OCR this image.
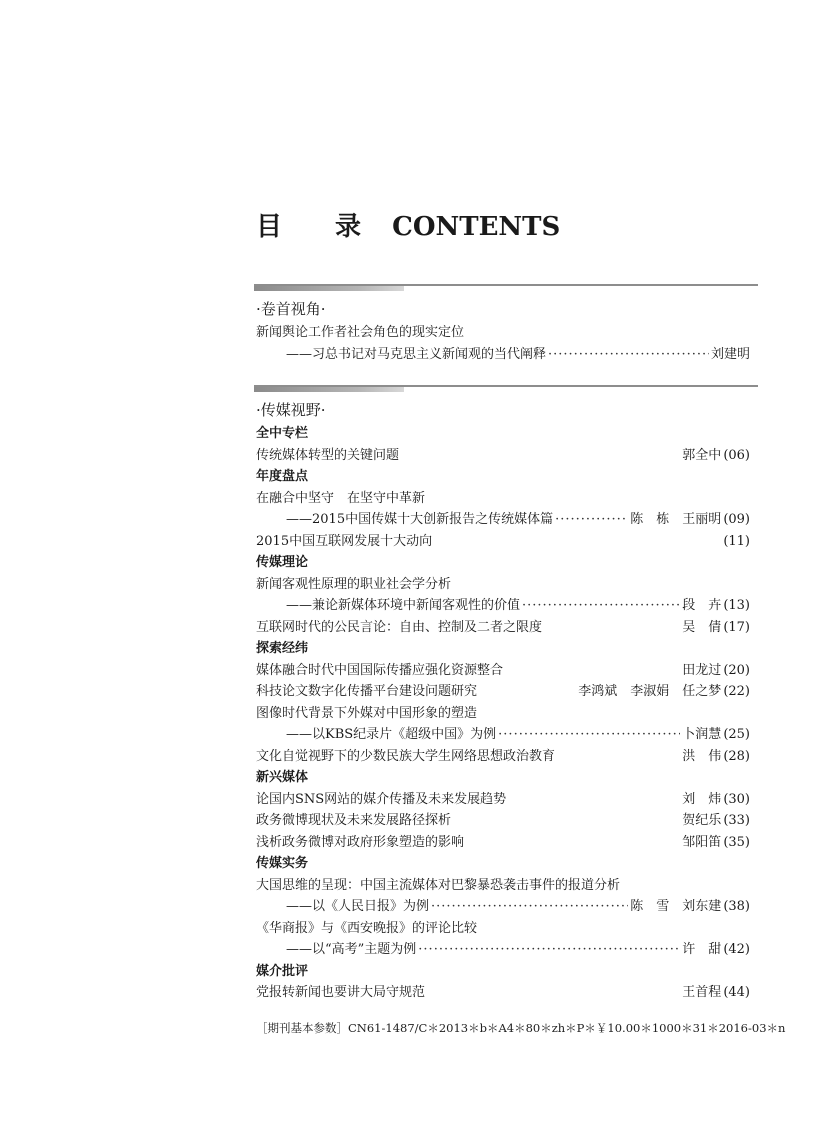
目 录 CONTENTS
·卷首视角·
新闻舆论工作者社会角色的现实定位
——习总书记对马克思主义新闻观的当代阐释 ·····	刘建明
·传媒视野·
全中专栏
传统媒体转型的关键问题	郭全中 (06)
年度盘点
在融合中坚守　在坚守中革新
——2015中国传媒十大创新报告之传统媒体篇 ·····	陈　栋　王丽明 (09)
2015中国互联网发展十大动向	(11)
传媒理论
新闻客观性原理的职业社会学分析
——兼论新媒体环境中新闻客观性的价值 ·····	段　卉 (13)
互联网时代的公民言论：自由、控制及二者之限度	吴　倩 (17)
探索经纬
媒体融合时代中国国际传播应强化资源整合	田龙过 (20)
科技论文数字化传播平台建设问题研究	李鸿斌　李淑娟　任之梦 (22)
图像时代背景下外媒对中国形象的塑造
——以KBS纪录片《超级中国》为例 ·····	卜润慧 (25)
文化自觉视野下的少数民族大学生网络思想政治教育	洪　伟 (28)
新兴媒体
论国内SNS网站的媒介传播及未来发展趋势	刘　炜 (30)
政务微博现状及未来发展路径探析	贺纪乐 (33)
浅析政务微博对政府形象塑造的影响	邹阳笛 (35)
传媒实务
大国思维的呈现：中国主流媒体对巴黎暴恐袭击事件的报道分析
——以《人民日报》为例 ·····	陈　雪　刘东建 (38)
《华商报》与《西安晚报》的评论比较
——以“高考”主题为例 ·····	许　甜 (42)
媒介批评
党报转新闻也要讲大局守规范	王首程 (44)
［期刊基本参数］CN61-1487/C＊2013＊b＊A4＊80＊zh＊P＊￥10.00＊1000＊31＊2016-03＊n
